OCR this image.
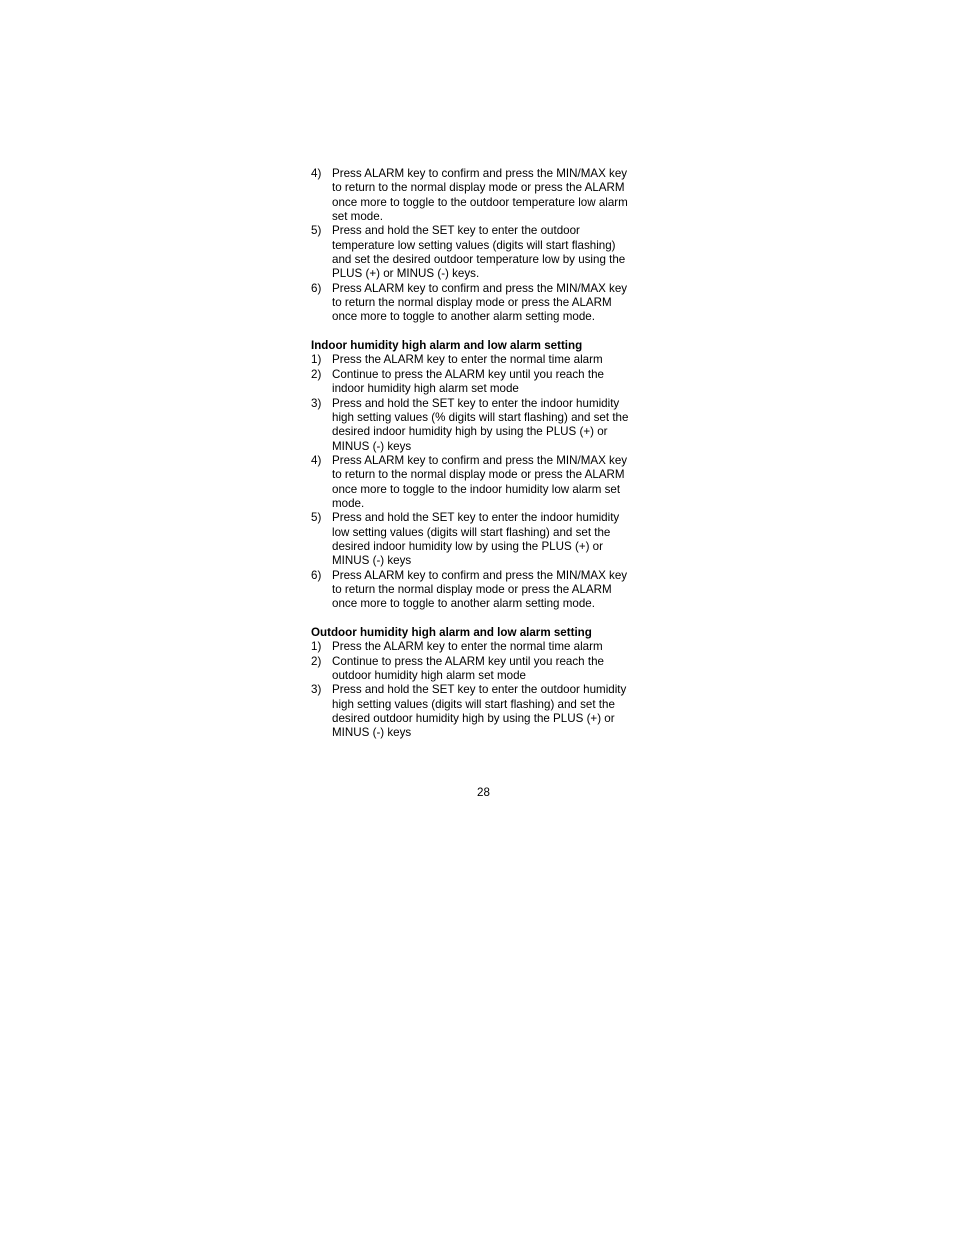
4) Press ALARM key to confirm and press the MIN/MAX key
to return to the normal display mode or press the ALARM
once more to toggle to the outdoor temperature low alarm
set mode.
5) Press and hold the SET key to enter the outdoor
temperature low setting values (digits will start flashing)
and set the desired outdoor temperature low by using the
PLUS (+) or MINUS (-) keys.
6) Press ALARM key to confirm and press the MIN/MAX key
to return the normal display mode or press the ALARM
once more to toggle to another alarm setting mode.
Indoor humidity high alarm and low alarm setting
1) Press the ALARM key to enter the normal time alarm
2) Continue to press the ALARM key until you reach the
indoor humidity high alarm set mode
3) Press and hold the SET key to enter the indoor humidity
high setting values (% digits will start flashing) and set the
desired indoor humidity high by using the PLUS (+) or
MINUS (-) keys
4) Press ALARM key to confirm and press the MIN/MAX key
to return to the normal display mode or press the ALARM
once more to toggle to the indoor humidity low alarm set
mode.
5) Press and hold the SET key to enter the indoor humidity
low setting values (digits will start flashing) and set the
desired indoor humidity low by using the PLUS (+) or
MINUS (-) keys
6) Press ALARM key to confirm and press the MIN/MAX key
to return the normal display mode or press the ALARM
once more to toggle to another alarm setting mode.
Outdoor humidity high alarm and low alarm setting
1) Press the ALARM key to enter the normal time alarm
2) Continue to press the ALARM key until you reach the
outdoor humidity high alarm set mode
3) Press and hold the SET key to enter the outdoor humidity
high setting values (digits will start flashing) and set the
desired outdoor humidity high by using the PLUS (+) or
MINUS (-) keys
28
